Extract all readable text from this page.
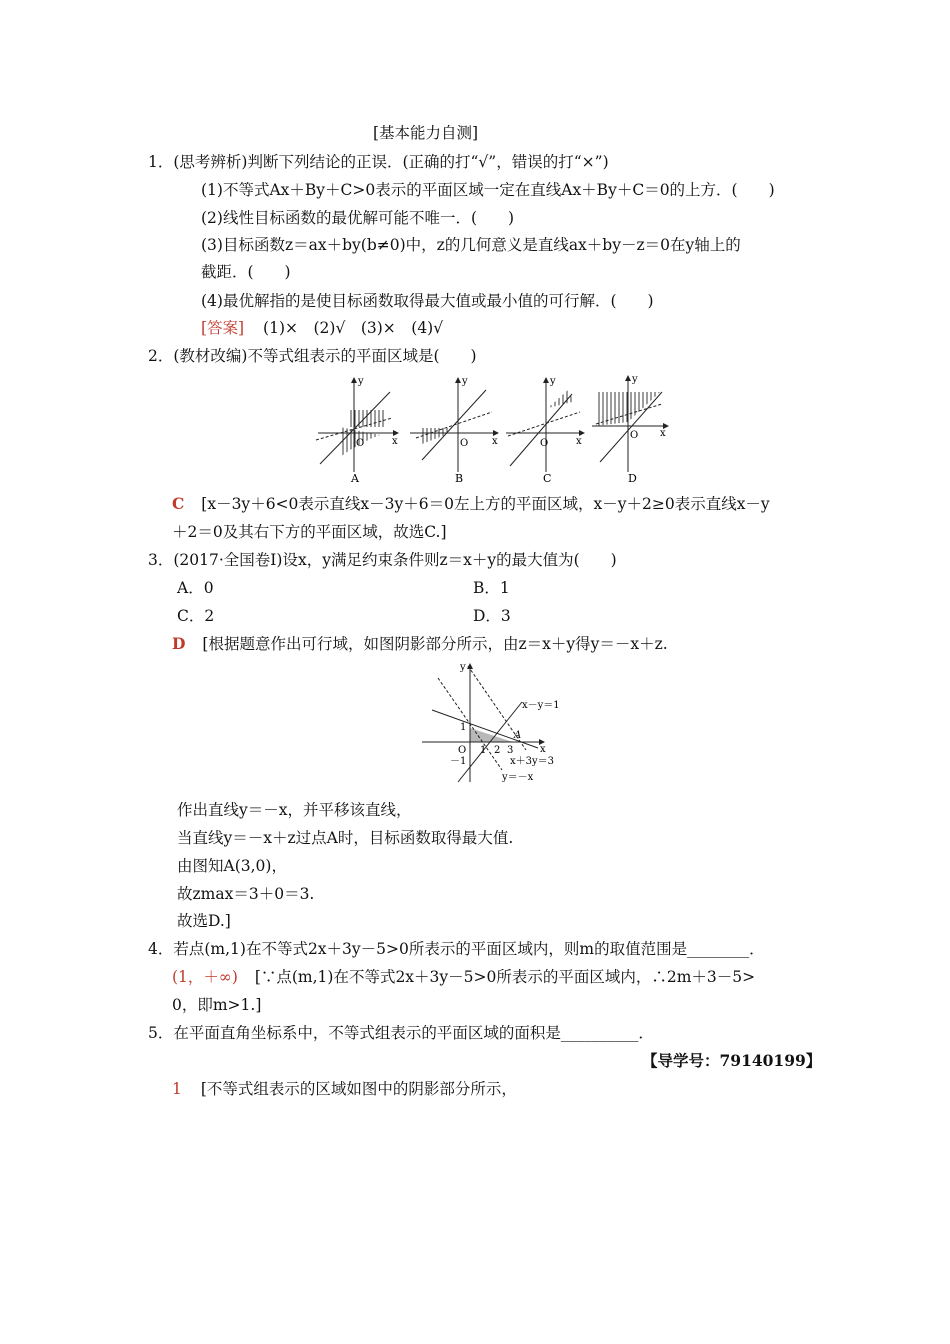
[基本能力自测]
1．(思考辨析)判断下列结论的正误．(正确的打“√”，错误的打“×”)
(1)不等式Ax＋By＋C>0表示的平面区域一定在直线Ax＋By＋C＝0的上方．(　　)
(2)线性目标函数的最优解可能不唯一．(　　)
(3)目标函数z＝ax＋by(b≠0)中，z的几何意义是直线ax＋by－z＝0在y轴上的
截距．(　　)
(4)最优解指的是使目标函数取得最大值或最小值的可行解．(　　)
[答案] (1)×　(2)√　(3)×　(4)√
2．(教材改编)不等式组表示的平面区域是(　　)
x
y
O	x
y
O	x
y
O
x
y
O
A	B	C	D
C [x－3y＋6<0表示直线x－3y＋6＝0左上方的平面区域，x－y＋2≥0表示直线x－y
＋2＝0及其右下方的平面区域，故选C.]
3．(2017·全国卷Ⅰ)设x，y满足约束条件则z＝x＋y的最大值为(　　)
A．0	B．1
C．2	D．3
D [根据题意作出可行域，如图阴影部分所示，由z＝x＋y得y＝－x＋z.
x－y＝1
x＋3y＝3
y＝－x
A
x
y
O 1 2 3
1
－1
作出直线y＝－x，并平移该直线，
当直线y＝－x＋z过点A时，目标函数取得最大值.
由图知A(3,0)，
故zmax＝3＋0＝3.
故选D.]
4．若点(m,1)在不等式2x＋3y－5>0所表示的平面区域内，则m的取值范围是________．
(1，＋∞) [∵点(m,1)在不等式2x＋3y－5>0所表示的平面区域内，∴2m＋3－5>
0，即m>1.]
5．在平面直角坐标系中，不等式组表示的平面区域的面积是__________．
【导学号：79140199】
1 [不等式组表示的区域如图中的阴影部分所示，
